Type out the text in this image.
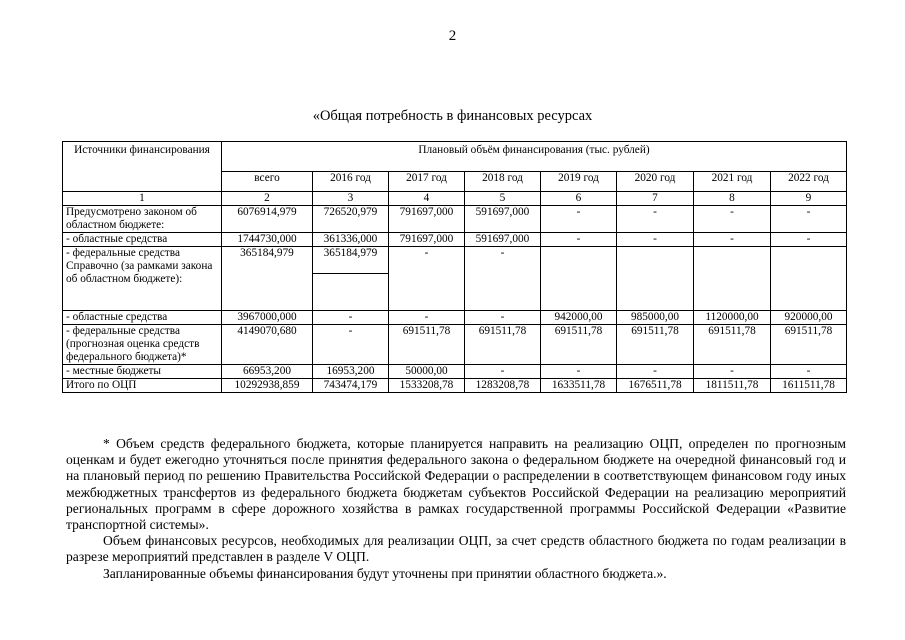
2
«Общая потребность в финансовых ресурсах
Источники финансирования	Плановый объём финансирования (тыс. рублей)							
	всего	2016 год	2017 год	2018 год	2019 год	2020 год	2021 год	2022 год
1	2	3	4	5	6	7	8	9
Предусмотрено законом об областном бюджете:	6076914,979	726520,979	791697,000	591697,000	-	-	-	-
- областные средства	1744730,000	361336,000	791697,000	591697,000	-	-	-	-
- федеральные средства Справочно (за рамками закона об областном бюджете):	365184,979	365184,979	-	-				
- областные средства	3967000,000	-	-	-	942000,00	985000,00	1120000,00	920000,00
- федеральные средства (прогнозная оценка средств федерального бюджета)*	4149070,680	-	691511,78	691511,78	691511,78	691511,78	691511,78	691511,78
- местные бюджеты	66953,200	16953,200	50000,00	-	-	-	-	-
Итого по ОЦП	10292938,859	743474,179	1533208,78	1283208,78	1633511,78	1676511,78	1811511,78	1611511,78

* Объем средств федерального бюджета, которые планируется направить на реализацию ОЦП, определен по прогнозным оценкам и будет ежегодно уточняться после принятия федерального закона о федеральном бюджете на очередной финансовый год и на плановый период по решению Правительства Российской Федерации о распределении в соответствующем финансовом году иных межбюджетных трансфертов из федерального бюджета бюджетам субъектов Российской Федерации на реализацию мероприятий региональных программ в сфере дорожного хозяйства в рамках государственной программы Российской Федерации «Развитие транспортной системы».

Объем финансовых ресурсов, необходимых для реализации ОЦП, за счет средств областного бюджета по годам реализации в разрезе мероприятий представлен в разделе V ОЦП.

Запланированные объемы финансирования будут уточнены при принятии областного бюджета.».
